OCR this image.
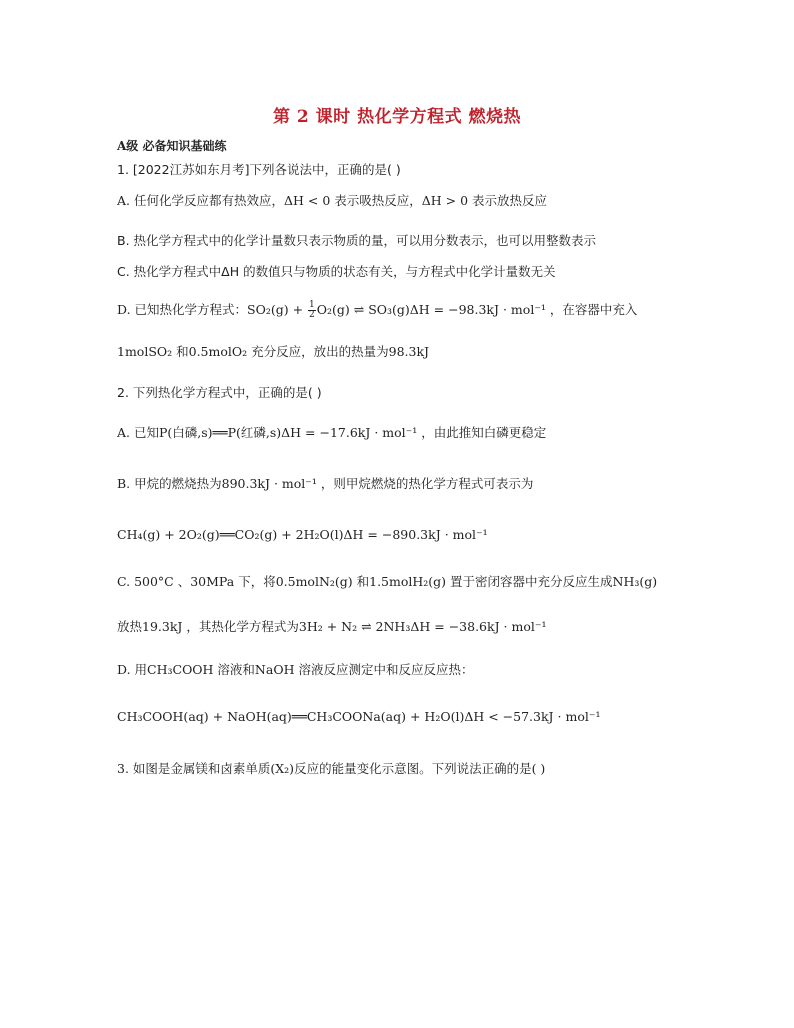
第 2 课时 热化学方程式 燃烧热
A级 必备知识基础练
1. [2022江苏如东月考]下列各说法中，正确的是( )
A. 任何化学反应都有热效应，ΔH < 0 表示吸热反应，ΔH > 0 表示放热反应
B. 热化学方程式中的化学计量数只表示物质的量，可以用分数表示，也可以用整数表示
C. 热化学方程式中ΔH 的数值只与物质的状态有关，与方程式中化学计量数无关
D. 已知热化学方程式：$SO_2(g) + \frac{1}{2} O_2(g)$ ⇌ SO₃(g)ΔH = −98.3kJ · mol⁻¹ ，在容器中充入
1molSO₂ 和0.5molO₂ 充分反应，放出的热量为98.3kJ
2. 下列热化学方程式中，正确的是( )
A. 已知P(白磷,s)══P(红磷,s)ΔH = −17.6kJ · mol⁻¹ ，由此推知白磷更稳定
B. 甲烷的燃烧热为890.3kJ · mol⁻¹ ，则甲烷燃烧的热化学方程式可表示为
CH₄(g) + 2O₂(g)══CO₂(g) + 2H₂O(l)ΔH = −890.3kJ · mol⁻¹
C. 500°C 、30MPa 下，将0.5molN₂(g) 和1.5molH₂(g) 置于密闭容器中充分反应生成NH₃(g)
放热19.3kJ ，其热化学方程式为3H₂ + N₂ ⇌ 2NH₃ΔH = −38.6kJ · mol⁻¹
D. 用CH₃COOH 溶液和NaOH 溶液反应测定中和反应反应热：
CH₃COOH(aq) + NaOH(aq)══CH₃COONa(aq) + H₂O(l)ΔH < −57.3kJ · mol⁻¹
3. 如图是金属镁和卤素单质(X₂)反应的能量变化示意图。下列说法正确的是( )
